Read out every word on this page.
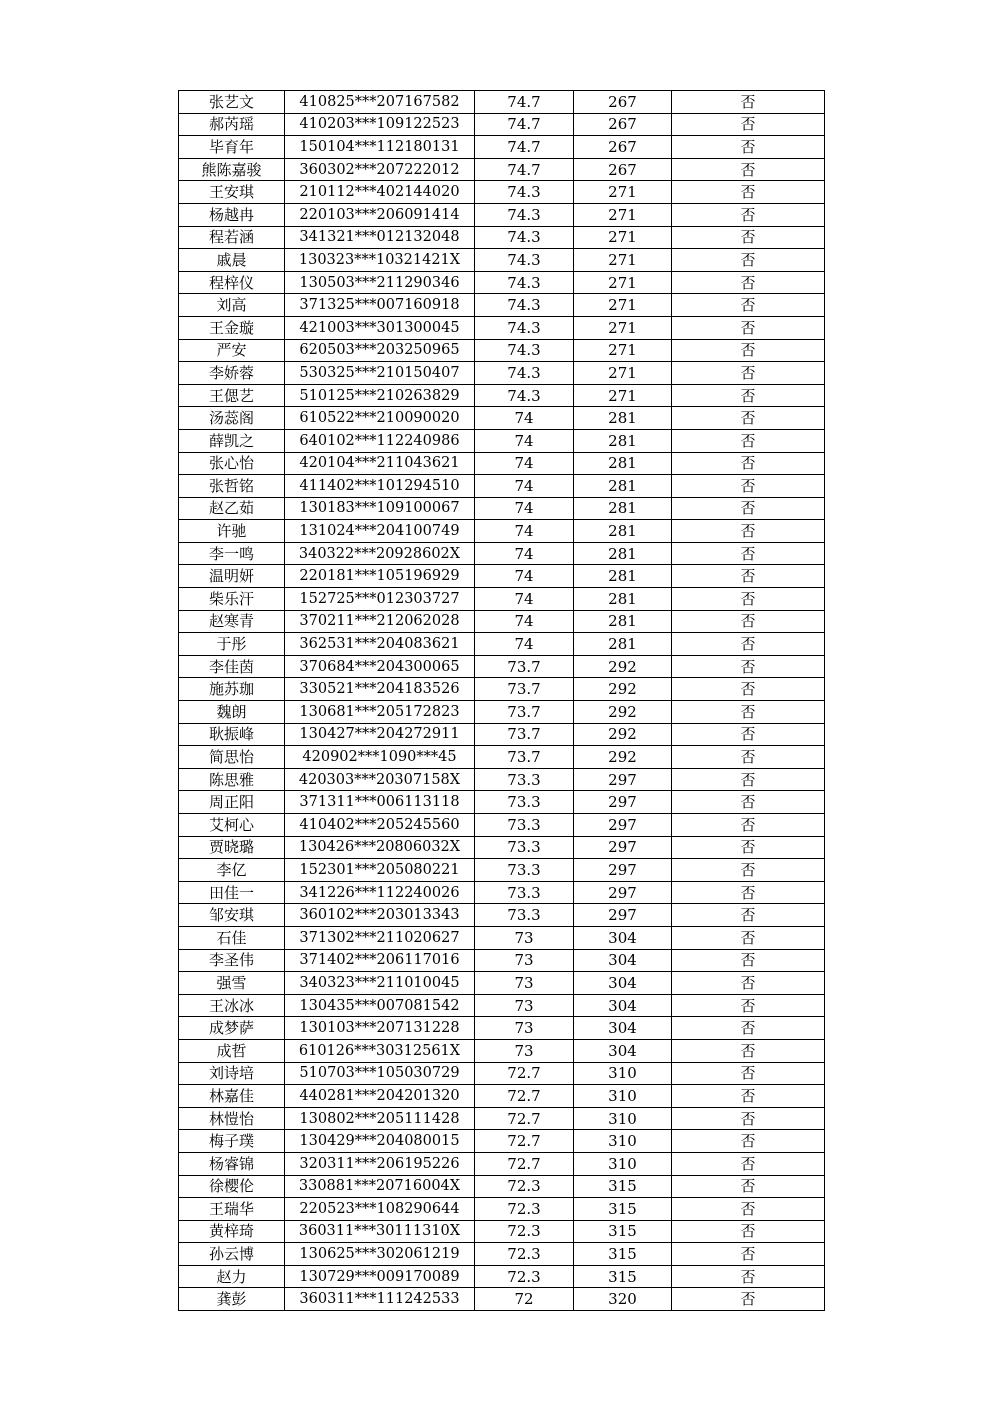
张艺文	410825***207167582	74.7	267	否
郝芮瑶	410203***109122523	74.7	267	否
毕育年	150104***112180131	74.7	267	否
熊陈嘉骏	360302***207222012	74.7	267	否
王安琪	210112***402144020	74.3	271	否
杨越冉	220103***206091414	74.3	271	否
程若涵	341321***012132048	74.3	271	否
戚晨	130323***10321421X	74.3	271	否
程梓仪	130503***211290346	74.3	271	否
刘高	371325***007160918	74.3	271	否
王金璇	421003***301300045	74.3	271	否
严安	620503***203250965	74.3	271	否
李娇蓉	530325***210150407	74.3	271	否
王偲艺	510125***210263829	74.3	271	否
汤蕊阁	610522***210090020	74	281	否
薛凯之	640102***112240986	74	281	否
张心怡	420104***211043621	74	281	否
张哲铭	411402***101294510	74	281	否
赵乙茹	130183***109100067	74	281	否
许驰	131024***204100749	74	281	否
李一鸣	340322***20928602X	74	281	否
温明妍	220181***105196929	74	281	否
柴乐汗	152725***012303727	74	281	否
赵寒青	370211***212062028	74	281	否
于彤	362531***204083621	74	281	否
李佳茵	370684***204300065	73.7	292	否
施苏珈	330521***204183526	73.7	292	否
魏朗	130681***205172823	73.7	292	否
耿振峰	130427***204272911	73.7	292	否
简思怡	420902***1090***45	73.7	292	否
陈思雅	420303***20307158X	73.3	297	否
周正阳	371311***006113118	73.3	297	否
艾柯心	410402***205245560	73.3	297	否
贾晓璐	130426***20806032X	73.3	297	否
李亿	152301***205080221	73.3	297	否
田佳一	341226***112240026	73.3	297	否
邹安琪	360102***203013343	73.3	297	否
石佳	371302***211020627	73	304	否
李圣伟	371402***206117016	73	304	否
强雪	340323***211010045	73	304	否
王冰冰	130435***007081542	73	304	否
成梦萨	130103***207131228	73	304	否
成哲	610126***30312561X	73	304	否
刘诗培	510703***105030729	72.7	310	否
林嘉佳	440281***204201320	72.7	310	否
林愷怡	130802***205111428	72.7	310	否
梅子璞	130429***204080015	72.7	310	否
杨睿锦	320311***206195226	72.7	310	否
徐樱伦	330881***20716004X	72.3	315	否
王瑞华	220523***108290644	72.3	315	否
黄梓琦	360311***30111310X	72.3	315	否
孙云博	130625***302061219	72.3	315	否
赵力	130729***009170089	72.3	315	否
龚彭	360311***111242533	72	320	否
